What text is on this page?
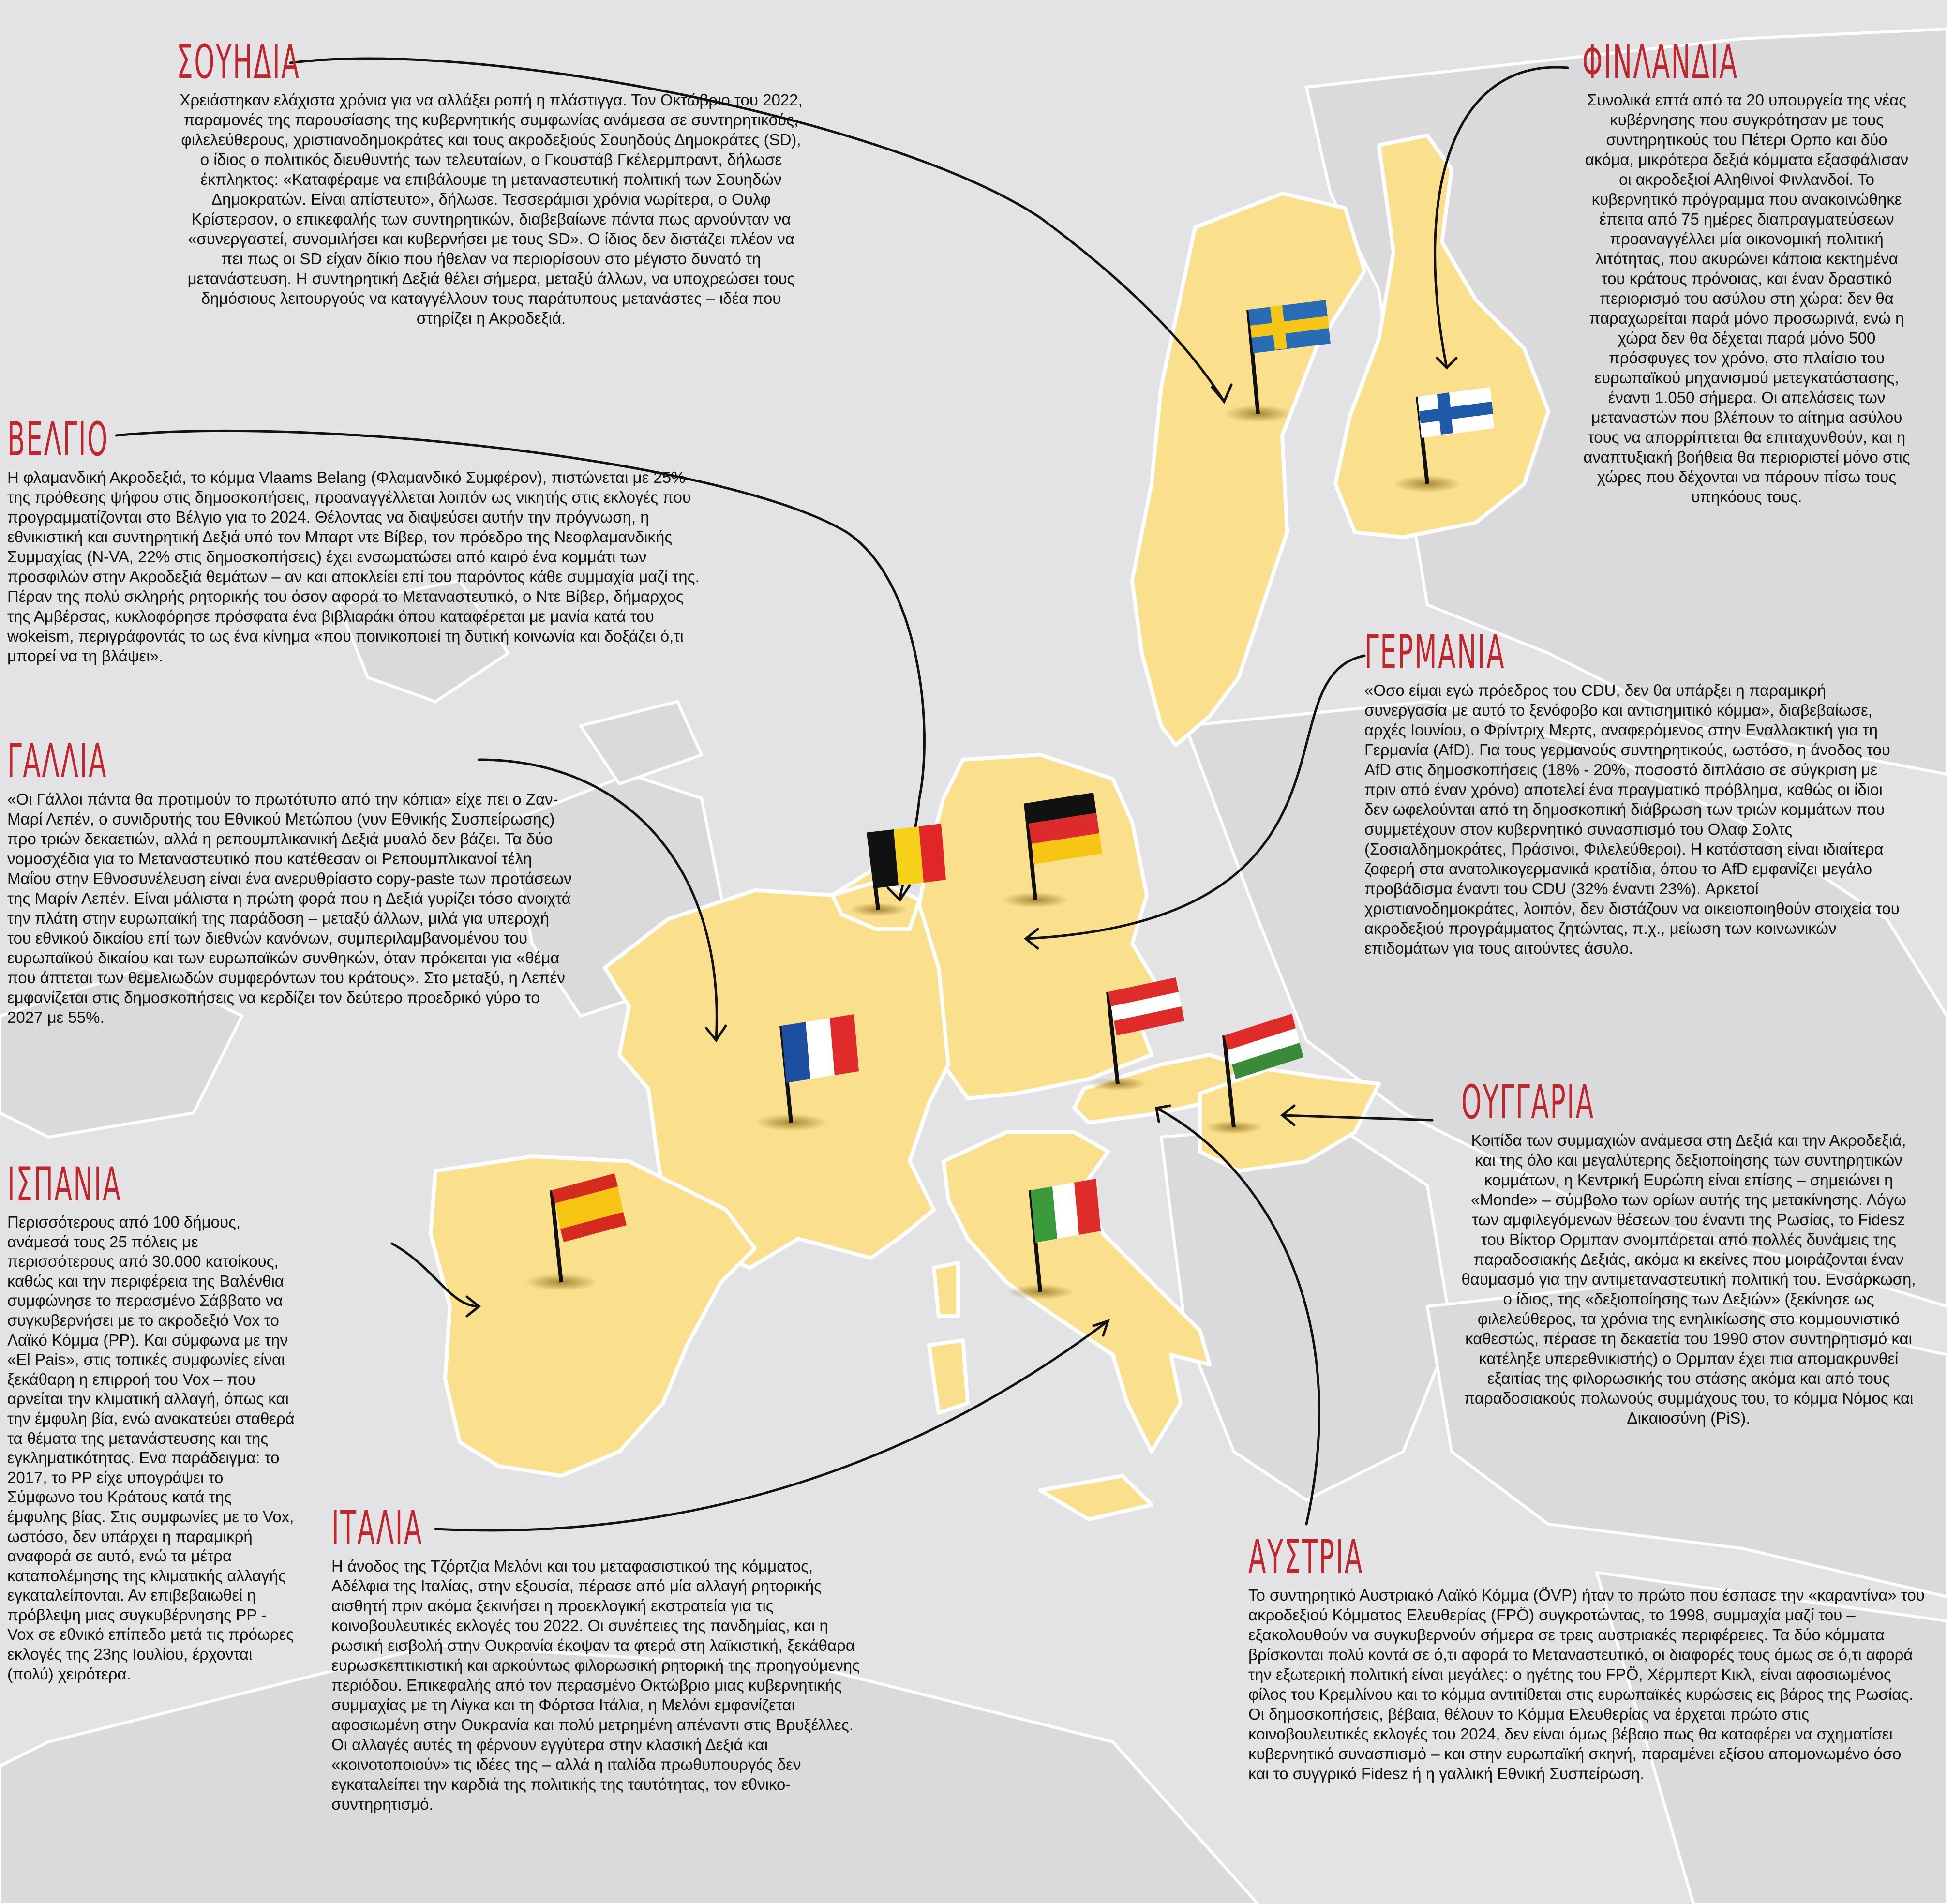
ΣΟΥΗΔΙΑ

Χρειάστηκαν ελάχιστα χρόνια για να αλλάξει ροπή η πλάστιγγα. Τον Οκτώβριο του 2022, παραμονές της παρουσίασης της κυβερνητικής συμφωνίας ανάμεσα σε συντηρητικούς, φιλελεύθερους, χριστιανοδημοκράτες και τους ακροδεξιούς Σουηδούς Δημοκράτες (SD), ο ίδιος ο πολιτικός διευθυντής των τελευταίων, ο Γκουστάβ Γκέλερμπραντ, δήλωσε έκπληκτος: «Καταφέραμε να επιβάλουμε τη μεταναστευτική πολιτική των Σουηδών Δημοκρατών. Είναι απίστευτο», δήλωσε. Τεσσεράμισι χρόνια νωρίτερα, ο Ουλφ Κρίστερσον, ο επικεφαλής των συντηρητικών, διαβεβαίωνε πάντα πως αρνούνταν να «συνεργαστεί, συνομιλήσει και κυβερνήσει με τους SD». Ο ίδιος δεν διστάζει πλέον να πει πως οι SD είχαν δίκιο που ήθελαν να περιορίσουν στο μέγιστο δυνατό τη μετανάστευση. Η συντηρητική Δεξιά θέλει σήμερα, μεταξύ άλλων, να υποχρεώσει τους δημόσιους λειτουργούς να καταγγέλλουν τους παράτυπους μετανάστες – ιδέα που στηρίζει η Ακροδεξιά.

ΒΕΛΓΙΟ

Η φλαμανδική Ακροδεξιά, το κόμμα Vlaams Belang (Φλαμανδικό Συμφέρον), πιστώνεται με 25% της πρόθεσης ψήφου στις δημοσκοπήσεις, προαναγγέλλεται λοιπόν ως νικητής στις εκλογές που προγραμματίζονται στο Βέλγιο για το 2024. Θέλοντας να διαψεύσει αυτήν την πρόγνωση, η εθνικιστική και συντηρητική Δεξιά υπό τον Μπαρτ ντε Βίβερ, τον πρόεδρο της Νεοφλαμανδικής Συμμαχίας (N-VA, 22% στις δημοσκοπήσεις) έχει ενσωματώσει από καιρό ένα κομμάτι των προσφιλών στην Ακροδεξιά θεμάτων – αν και αποκλείει επί του παρόντος κάθε συμμαχία μαζί της. Πέραν της πολύ σκληρής ρητορικής του όσον αφορά το Μεταναστευτικό, ο Ντε Βίβερ, δήμαρχος της Αμβέρσας, κυκλοφόρησε πρόσφατα ένα βιβλιαράκι όπου καταφέρεται με μανία κατά του wokeism, περιγράφοντάς το ως ένα κίνημα «που ποινικοποιεί τη δυτική κοινωνία και δοξάζει ό,τι μπορεί να τη βλάψει».

ΓΑΛΛΙΑ

«Οι Γάλλοι πάντα θα προτιμούν το πρωτότυπο από την κόπια» είχε πει ο Ζαν-Μαρί Λεπέν, ο συνιδρυτής του Εθνικού Μετώπου (νυν Εθνικής Συσπείρωσης) προ τριών δεκαετιών, αλλά η ρεπουμπλικανική Δεξιά μυαλό δεν βάζει. Τα δύο νομοσχέδια για το Μεταναστευτικό που κατέθεσαν οι Ρεπουμπλικανοί τέλη Μαΐου στην Εθνοσυνέλευση είναι ένα ανερυθρίαστο copy-paste των προτάσεων της Μαρίν Λεπέν. Είναι μάλιστα η πρώτη φορά που η Δεξιά γυρίζει τόσο ανοιχτά την πλάτη στην ευρωπαϊκή της παράδοση – μεταξύ άλλων, μιλά για υπεροχή του εθνικού δικαίου επί των διεθνών κανόνων, συμπεριλαμβανομένου του ευρωπαϊκού δικαίου και των ευρωπαϊκών συνθηκών, όταν πρόκειται για «θέμα που άπτεται των θεμελιωδών συμφερόντων του κράτους». Στο μεταξύ, η Λεπέν εμφανίζεται στις δημοσκοπήσεις να κερδίζει τον δεύτερο προεδρικό γύρο το 2027 με 55%.

ΙΣΠΑΝΙΑ

Περισσότερους από 100 δήμους, ανάμεσά τους 25 πόλεις με περισσότερους από 30.000 κατοίκους, καθώς και την περιφέρεια της Βαλένθια συμφώνησε το περασμένο Σάββατο να συγκυβερνήσει με το ακροδεξιό Vox το Λαϊκό Κόμμα (PP). Και σύμφωνα με την «El Pais», στις τοπικές συμφωνίες είναι ξεκάθαρη η επιρροή του Vox – που αρνείται την κλιματική αλλαγή, όπως και την έμφυλη βία, ενώ ανακατεύει σταθερά τα θέματα της μετανάστευσης και της εγκληματικότητας. Ενα παράδειγμα: το 2017, το PP είχε υπογράψει το Σύμφωνο του Κράτους κατά της έμφυλης βίας. Στις συμφωνίες με το Vox, ωστόσο, δεν υπάρχει η παραμικρή αναφορά σε αυτό, ενώ τα μέτρα καταπολέμησης της κλιματικής αλλαγής εγκαταλείπονται. Αν επιβεβαιωθεί η πρόβλεψη μιας συγκυβέρνησης PP - Vox σε εθνικό επίπεδο μετά τις πρόωρες εκλογές της 23ης Ιουλίου, έρχονται (πολύ) χειρότερα.

ΙΤΑΛΙΑ

Η άνοδος της Τζόρτζια Μελόνι και του μεταφασιστικού της κόμματος, Αδέλφια της Ιταλίας, στην εξουσία, πέρασε από μία αλλαγή ρητορικής αισθητή πριν ακόμα ξεκινήσει η προεκλογική εκστρατεία για τις κοινοβουλευτικές εκλογές του 2022. Οι συνέπειες της πανδημίας, και η ρωσική εισβολή στην Ουκρανία έκοψαν τα φτερά στη λαϊκιστική, ξεκάθαρα ευρωσκεπτικιστική και αρκούντως φιλορωσική ρητορική της προηγούμενης περιόδου. Επικεφαλής από τον περασμένο Οκτώβριο μιας κυβερνητικής συμμαχίας με τη Λίγκα και τη Φόρτσα Ιτάλια, η Μελόνι εμφανίζεται αφοσιωμένη στην Ουκρανία και πολύ μετρημένη απέναντι στις Βρυξέλλες. Οι αλλαγές αυτές τη φέρνουν εγγύτερα στην κλασική Δεξιά και «κοινοτοποιούν» τις ιδέες της – αλλά η ιταλίδα πρωθυπουργός δεν εγκαταλείπει την καρδιά της πολιτικής της ταυτότητας, τον εθνικο-συντηρητισμό.

ΦΙΝΛΑΝΔΙΑ

Συνολικά επτά από τα 20 υπουργεία της νέας κυβέρνησης που συγκρότησαν με τους συντηρητικούς του Πέτερι Ορπο και δύο ακόμα, μικρότερα δεξιά κόμματα εξασφάλισαν οι ακροδεξιοί Αληθινοί Φινλανδοί. Το κυβερνητικό πρόγραμμα που ανακοινώθηκε έπειτα από 75 ημέρες διαπραγματεύσεων προαναγγέλλει μία οικονομική πολιτική λιτότητας, που ακυρώνει κάποια κεκτημένα του κράτους πρόνοιας, και έναν δραστικό περιορισμό του ασύλου στη χώρα: δεν θα παραχωρείται παρά μόνο προσωρινά, ενώ η χώρα δεν θα δέχεται παρά μόνο 500 πρόσφυγες τον χρόνο, στο πλαίσιο του ευρωπαϊκού μηχανισμού μετεγκατάστασης, έναντι 1.050 σήμερα. Οι απελάσεις των μεταναστών που βλέπουν το αίτημα ασύλου τους να απορρίπτεται θα επιταχυνθούν, και η αναπτυξιακή βοήθεια θα περιοριστεί μόνο στις χώρες που δέχονται να πάρουν πίσω τους υπηκόους τους.

ΓΕΡΜΑΝΙΑ

«Οσο είμαι εγώ πρόεδρος του CDU, δεν θα υπάρξει η παραμικρή συνεργασία με αυτό το ξενόφοβο και αντισημιτικό κόμμα», διαβεβαίωσε, αρχές Ιουνίου, ο Φρίντριχ Μερτς, αναφερόμενος στην Εναλλακτική για τη Γερμανία (AfD). Για τους γερμανούς συντηρητικούς, ωστόσο, η άνοδος του AfD στις δημοσκοπήσεις (18% - 20%, ποσοστό διπλάσιο σε σύγκριση με πριν από έναν χρόνο) αποτελεί ένα πραγματικό πρόβλημα, καθώς οι ίδιοι δεν ωφελούνται από τη δημοσκοπική διάβρωση των τριών κομμάτων που συμμετέχουν στον κυβερνητικό συνασπισμό του Ολαφ Σολτς (Σοσιαλδημοκράτες, Πράσινοι, Φιλελεύθεροι). Η κατάσταση είναι ιδιαίτερα ζοφερή στα ανατολικογερμανικά κρατίδια, όπου το AfD εμφανίζει μεγάλο προβάδισμα έναντι του CDU (32% έναντι 23%). Αρκετοί χριστιανοδημοκράτες, λοιπόν, δεν διστάζουν να οικειοποιηθούν στοιχεία του ακροδεξιού προγράμματος ζητώντας, π.χ., μείωση των κοινωνικών επιδομάτων για τους αιτούντες άσυλο.

ΟΥΓΓΑΡΙΑ

Κοιτίδα των συμμαχιών ανάμεσα στη Δεξιά και την Ακροδεξιά, και της όλο και μεγαλύτερης δεξιοποίησης των συντηρητικών κομμάτων, η Κεντρική Ευρώπη είναι επίσης – σημειώνει η «Monde» – σύμβολο των ορίων αυτής της μετακίνησης. Λόγω των αμφιλεγόμενων θέσεων του έναντι της Ρωσίας, το Fidesz του Βίκτορ Ορμπαν σνομπάρεται από πολλές δυνάμεις της παραδοσιακής Δεξιάς, ακόμα κι εκείνες που μοιράζονται έναν θαυμασμό για την αντιμεταναστευτική πολιτική του. Ενσάρκωση, ο ίδιος, της «δεξιοποίησης των Δεξιών» (ξεκίνησε ως φιλελεύθερος, τα χρόνια της ενηλικίωσης στο κομμουνιστικό καθεστώς, πέρασε τη δεκαετία του 1990 στον συντηρητισμό και κατέληξε υπερεθνικιστής) ο Ορμπαν έχει πια απομακρυνθεί εξαιτίας της φιλορωσικής του στάσης ακόμα και από τους παραδοσιακούς πολωνούς συμμάχους του, το κόμμα Νόμος και Δικαιοσύνη (PiS).

ΑΥΣΤΡΙΑ

Το συντηρητικό Αυστριακό Λαϊκό Κόμμα (ÖVP) ήταν το πρώτο που έσπασε την «καραντίνα» του ακροδεξιού Κόμματος Ελευθερίας (FPÖ) συγκροτώντας, το 1998, συμμαχία μαζί του – εξακολουθούν να συγκυβερνούν σήμερα σε τρεις αυστριακές περιφέρειες. Τα δύο κόμματα βρίσκονται πολύ κοντά σε ό,τι αφορά το Μεταναστευτικό, οι διαφορές τους όμως σε ό,τι αφορά την εξωτερική πολιτική είναι μεγάλες: ο ηγέτης του FPÖ, Χέρμπερτ Κικλ, είναι αφοσιωμένος φίλος του Κρεμλίνου και το κόμμα αντιτίθεται στις ευρωπαϊκές κυρώσεις εις βάρος της Ρωσίας. Οι δημοσκοπήσεις, βέβαια, θέλουν το Κόμμα Ελευθερίας να έρχεται πρώτο στις κοινοβουλευτικές εκλογές του 2024, δεν είναι όμως βέβαιο πως θα καταφέρει να σχηματίσει κυβερνητικό συνασπισμό – και στην ευρωπαϊκή σκηνή, παραμένει εξίσου απομονωμένο όσο και το συγγρικό Fidesz ή η γαλλική Εθνική Συσπείρωση.
